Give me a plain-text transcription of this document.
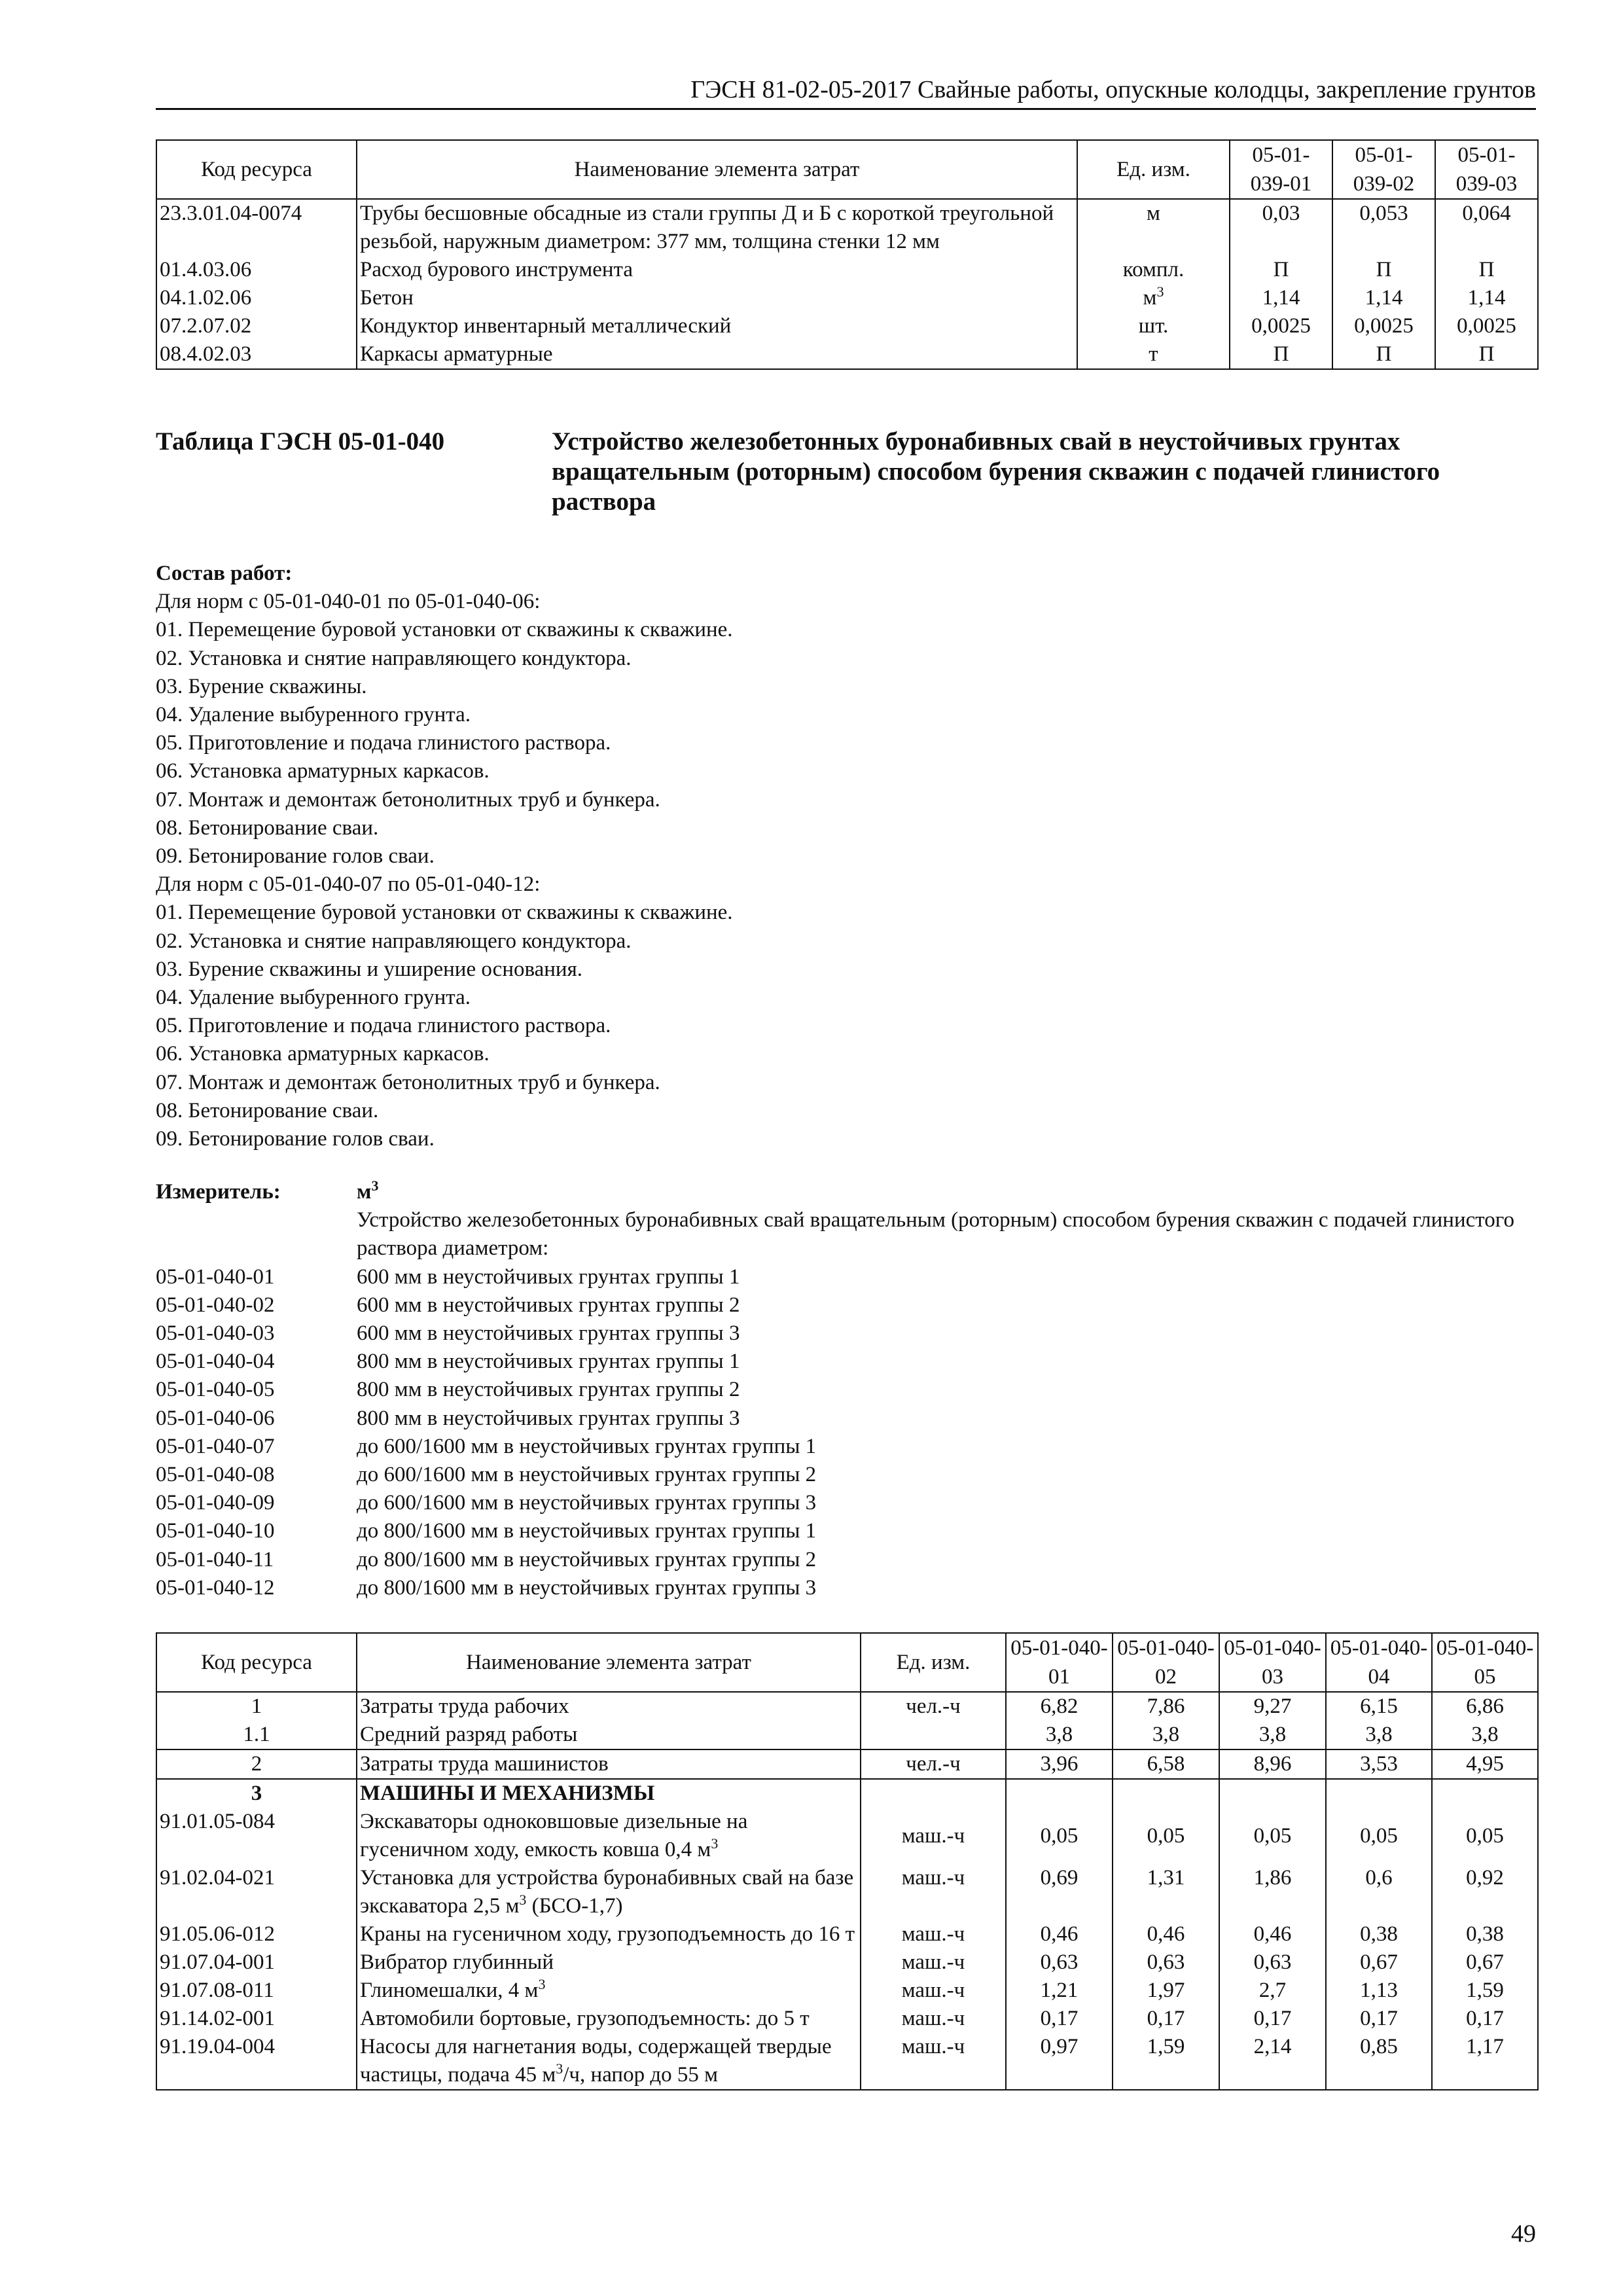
ГЭСН 81-02-05-2017 Свайные работы, опускные колодцы, закрепление грунтов
Код ресурса	Наименование элемента затрат	Ед. изм.	05-01-039-01	05-01-039-02	05-01-039-03
23.3.01.04-0074	Трубы бесшовные обсадные из стали группы Д и Б с короткой треугольной резьбой, наружным диаметром: 377 мм, толщина стенки 12 мм	м	0,03	0,053	0,064
01.4.03.06	Расход бурового инструмента	компл.	П	П	П
04.1.02.06	Бетон	$м^3$	1,14	1,14	1,14
07.2.07.02	Кондуктор инвентарный металлический	шт.	0,0025	0,0025	0,0025
08.4.02.03	Каркасы арматурные	т	П	П	П
Таблица ГЭСН 05-01-040	Устройство железобетонных буронабивных свай в неустойчивых грунтах вращательным (роторным) способом бурения скважин с подачей глинистого раствора
Состав работ:
Для норм с 05-01-040-01 по 05-01-040-06:
01. Перемещение буровой установки от скважины к скважине.
02. Установка и снятие направляющего кондуктора.
03. Бурение скважины.
04. Удаление выбуренного грунта.
05. Приготовление и подача глинистого раствора.
06. Установка арматурных каркасов.
07. Монтаж и демонтаж бетонолитных труб и бункера.
08. Бетонирование сваи.
09. Бетонирование голов сваи.
Для норм с 05-01-040-07 по 05-01-040-12:
01. Перемещение буровой установки от скважины к скважине.
02. Установка и снятие направляющего кондуктора.
03. Бурение скважины и уширение основания.
04. Удаление выбуренного грунта.
05. Приготовление и подача глинистого раствора.
06. Установка арматурных каркасов.
07. Монтаж и демонтаж бетонолитных труб и бункера.
08. Бетонирование сваи.
09. Бетонирование голов сваи.
Измеритель:	$м^3$
Устройство железобетонных буронабивных свай вращательным (роторным) способом бурения скважин с подачей глинистого раствора диаметром:
05-01-040-01	600 мм в неустойчивых грунтах группы 1
05-01-040-02	600 мм в неустойчивых грунтах группы 2
05-01-040-03	600 мм в неустойчивых грунтах группы 3
05-01-040-04	800 мм в неустойчивых грунтах группы 1
05-01-040-05	800 мм в неустойчивых грунтах группы 2
05-01-040-06	800 мм в неустойчивых грунтах группы 3
05-01-040-07	до 600/1600 мм в неустойчивых грунтах группы 1
05-01-040-08	до 600/1600 мм в неустойчивых грунтах группы 2
05-01-040-09	до 600/1600 мм в неустойчивых грунтах группы 3
05-01-040-10	до 800/1600 мм в неустойчивых грунтах группы 1
05-01-040-11	до 800/1600 мм в неустойчивых грунтах группы 2
05-01-040-12	до 800/1600 мм в неустойчивых грунтах группы 3
Код ресурса	Наименование элемента затрат	Ед. изм.	05-01-040-01	05-01-040-02	05-01-040-03	05-01-040-04	05-01-040-05
1	Затраты труда рабочих	чел.-ч	6,82	7,86	9,27	6,15	6,86
1.1	Средний разряд работы		3,8	3,8	3,8	3,8	3,8
2	Затраты труда машинистов	чел.-ч	3,96	6,58	8,96	3,53	4,95
3	МАШИНЫ И МЕХАНИЗМЫ						
91.01.05-084	Экскаваторы одноковшовые дизельные на гусеничном ходу, емкость ковша 0,4 $м^3$	маш.-ч	0,05	0,05	0,05	0,05	0,05
91.02.04-021	Установка для устройства буронабивных свай на базе экскаватора 2,5 $м^3$ (БСО-1,7)	маш.-ч	0,69	1,31	1,86	0,6	0,92
91.05.06-012	Краны на гусеничном ходу, грузоподъемность до 16 т	маш.-ч	0,46	0,46	0,46	0,38	0,38
91.07.04-001	Вибратор глубинный	маш.-ч	0,63	0,63	0,63	0,67	0,67
91.07.08-011	Глиномешалки, 4 $м^3$	маш.-ч	1,21	1,97	2,7	1,13	1,59
91.14.02-001	Автомобили бортовые, грузоподъемность: до 5 т	маш.-ч	0,17	0,17	0,17	0,17	0,17
91.19.04-004	Насосы для нагнетания воды, содержащей твердые частицы, подача 45 $м^3/ч$, напор до 55 м	маш.-ч	0,97	1,59	2,14	0,85	1,17
49
